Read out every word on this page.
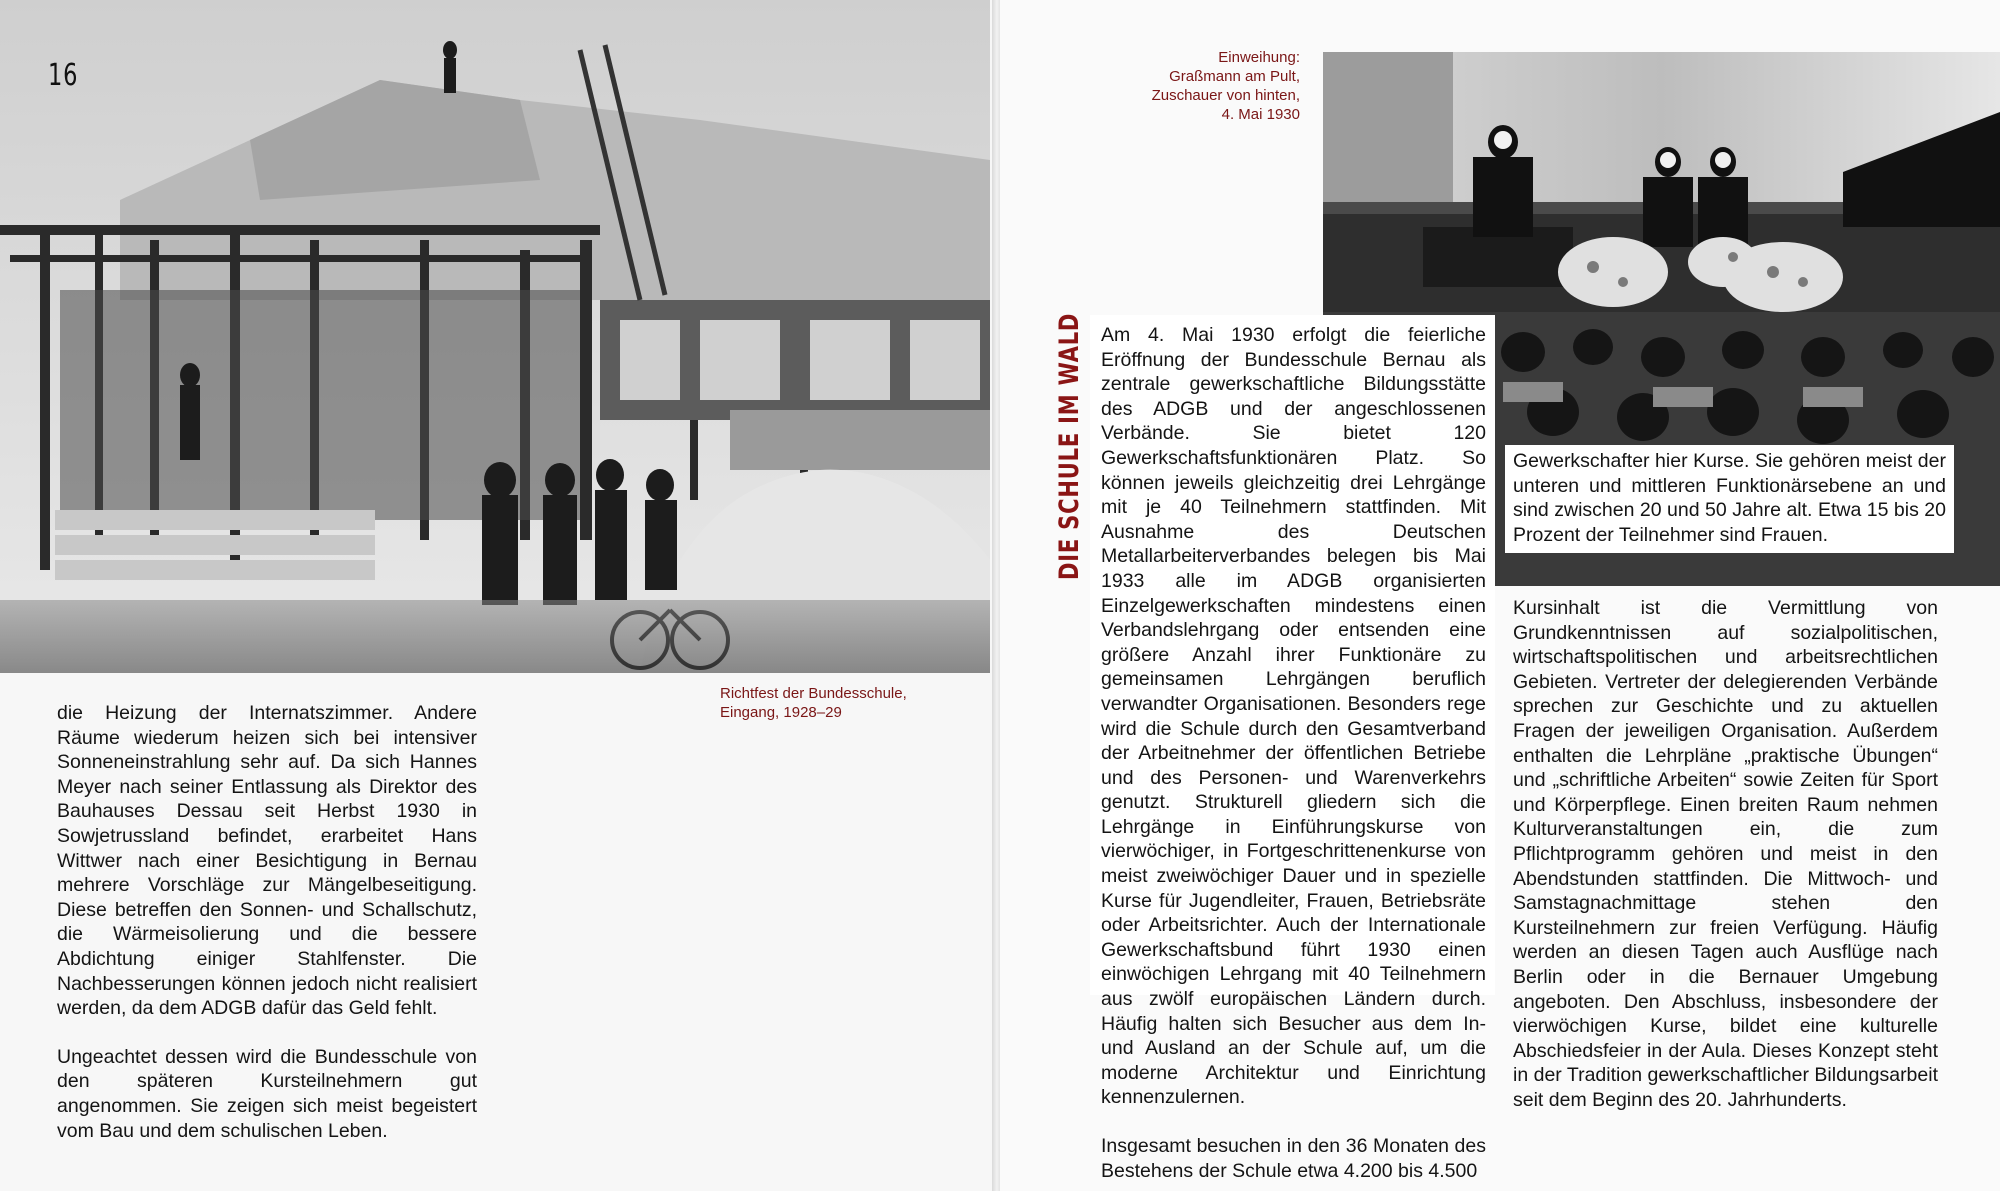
16
Richtfest der Bundesschule,
Eingang, 1928–29

die Heizung der Internatszimmer. Andere Räume wiederum heizen sich bei intensiver Sonneneinstrahlung sehr auf. Da sich Hannes Meyer nach seiner Entlassung als Direktor des Bauhauses Dessau seit Herbst 1930 in Sowjetrussland befindet, erarbeitet Hans Wittwer nach einer Besichtigung in Bernau mehrere Vorschläge zur Mängelbeseitigung. Diese betreffen den Sonnen- und Schallschutz, die Wärmeisolierung und die bessere Abdichtung einiger Stahlfenster. Die Nachbesserungen können jedoch nicht realisiert werden, da dem ADGB dafür das Geld fehlt.

Ungeachtet dessen wird die Bundesschule von den späteren Kursteilnehmern gut angenommen. Sie zeigen sich meist begeistert vom Bau und dem schulischen Leben.

Einweihung:
Graßmann am Pult,
Zuschauer von hinten,
4. Mai 1930
DIE SCHULE IM WALD Am 4. Mai 1930 erfolgt die feierliche Eröffnung der Bundesschule Bernau als zentrale gewerkschaftliche Bildungsstätte des ADGB und der angeschlossenen Verbände. Sie bietet 120 Gewerkschaftsfunktionären Platz. So können jeweils gleichzeitig drei Lehrgänge mit je 40 Teilnehmern stattfinden. Mit Ausnahme des Deutschen Metallarbeiterverbandes belegen bis Mai 1933 alle im ADGB organisierten Einzelgewerkschaften mindestens einen Verbandslehrgang oder entsenden eine größere Anzahl ihrer Funktionäre zu gemeinsamen Lehrgängen beruflich verwandter Organisationen. Besonders rege wird die Schule durch den Gesamtverband der Arbeitnehmer der öffentlichen Betriebe und des Personen- und Warenverkehrs genutzt. Strukturell gliedern sich die Lehrgänge in Einführungskurse von vierwöchiger, in Fortgeschrittenenkurse von meist zweiwöchiger Dauer und in spezielle Kurse für Jugendleiter, Frauen, Betriebsräte oder Arbeitsrichter. Auch der Internationale Gewerkschaftsbund führt 1930 einen einwöchigen Lehrgang mit 40 Teilnehmern aus zwölf europäischen Ländern durch. Häufig halten sich Besucher aus dem In- und Ausland an der Schule auf, um die moderne Architektur und Einrichtung kennenzulernen.

Insgesamt besuchen in den 36 Monaten des Bestehens der Schule etwa 4.200 bis 4.500

Gewerkschafter hier Kurse. Sie gehören meist der unteren und mittleren Funktionärsebene an und sind zwischen 20 und 50 Jahre alt. Etwa 15 bis 20 Prozent der Teilnehmer sind Frauen.

Kursinhalt ist die Vermittlung von Grundkenntnissen auf sozialpolitischen, wirtschaftspolitischen und arbeitsrechtlichen Gebieten. Vertreter der delegierenden Verbände sprechen zur Geschichte und zu aktuellen Fragen der jeweiligen Organisation. Außerdem enthalten die Lehrpläne „praktische Übungen“ und „schriftliche Arbeiten“ sowie Zeiten für Sport und Körperpflege. Einen breiten Raum nehmen Kulturveranstaltungen ein, die zum Pflichtprogramm gehören und meist in den Abendstunden stattfinden. Die Mittwoch- und Samstagnachmittage stehen den Kursteilnehmern zur freien Verfügung. Häufig werden an diesen Tagen auch Ausflüge nach Berlin oder in die Bernauer Umgebung angeboten. Den Abschluss, insbesondere der vierwöchigen Kurse, bildet eine kulturelle Abschiedsfeier in der Aula. Dieses Konzept steht in der Tradition gewerkschaftlicher Bildungsarbeit seit dem Beginn des 20. Jahrhunderts.
